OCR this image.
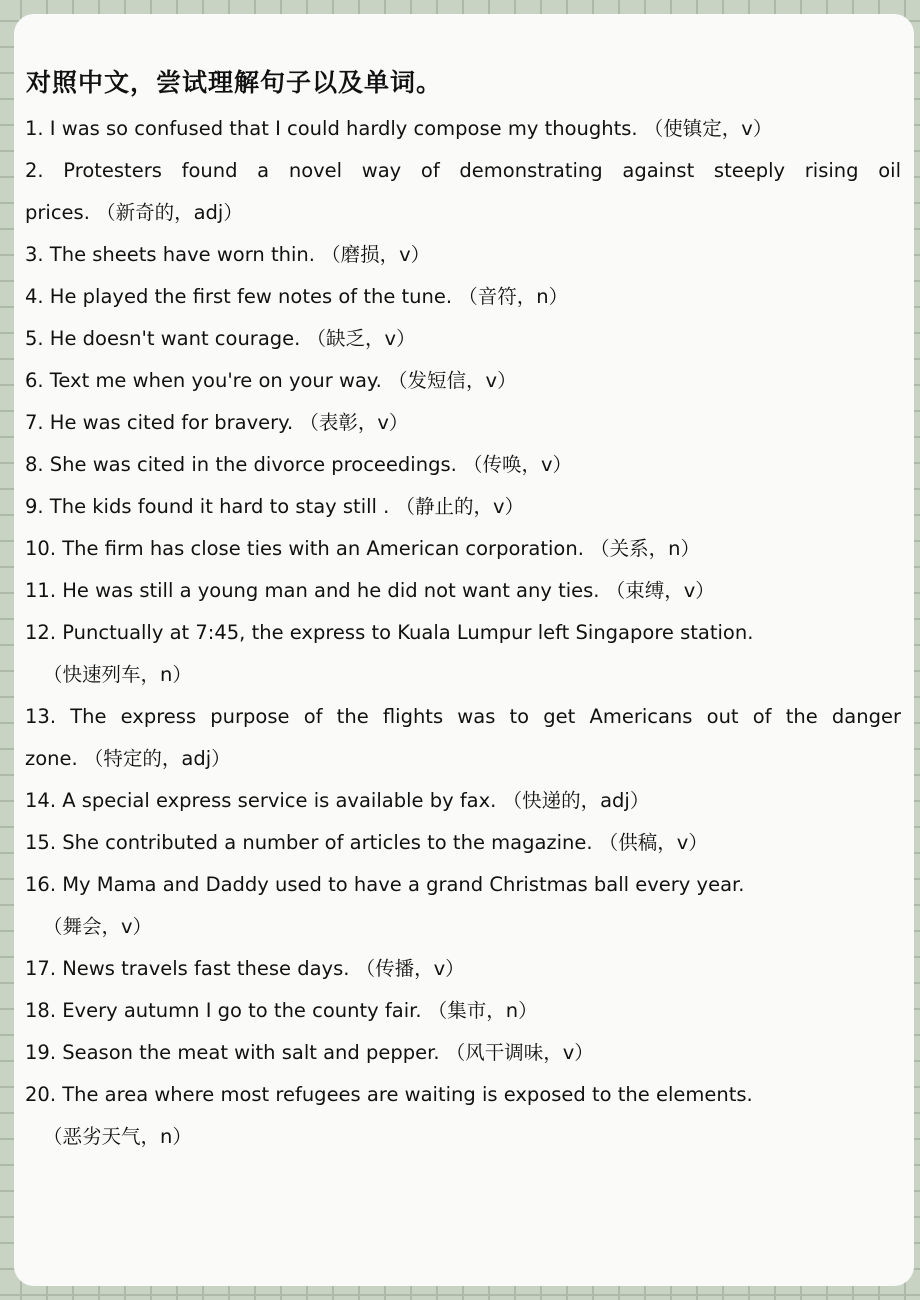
对照中文，尝试理解句子以及单词。
1. I was so confused that I could hardly compose my thoughts. （使镇定，v）
2. Protesters found a novel way of demonstrating against steeply rising oil
prices. （新奇的，adj）
3. The sheets have worn thin. （磨损，v）
4. He played the first few notes of the tune. （音符，n）
5. He doesn't want courage. （缺乏，v）
6. Text me when you're on your way. （发短信，v）
7. He was cited for bravery. （表彰，v）
8. She was cited in the divorce proceedings. （传唤，v）
9. The kids found it hard to stay still . （静止的，v）
10. The firm has close ties with an American corporation. （关系，n）
11. He was still a young man and he did not want any ties. （束缚，v）
12. Punctually at 7:45, the express to Kuala Lumpur left Singapore station.
（快速列车，n）
13. The express purpose of the flights was to get Americans out of the danger
zone. （特定的，adj）
14. A special express service is available by fax. （快递的，adj）
15. She contributed a number of articles to the magazine. （供稿，v）
16. My Mama and Daddy used to have a grand Christmas ball every year.
（舞会，v）
17. News travels fast these days. （传播，v）
18. Every autumn I go to the county fair. （集市，n）
19. Season the meat with salt and pepper. （风干调味，v）
20. The area where most refugees are waiting is exposed to the elements.
（恶劣天气，n）
